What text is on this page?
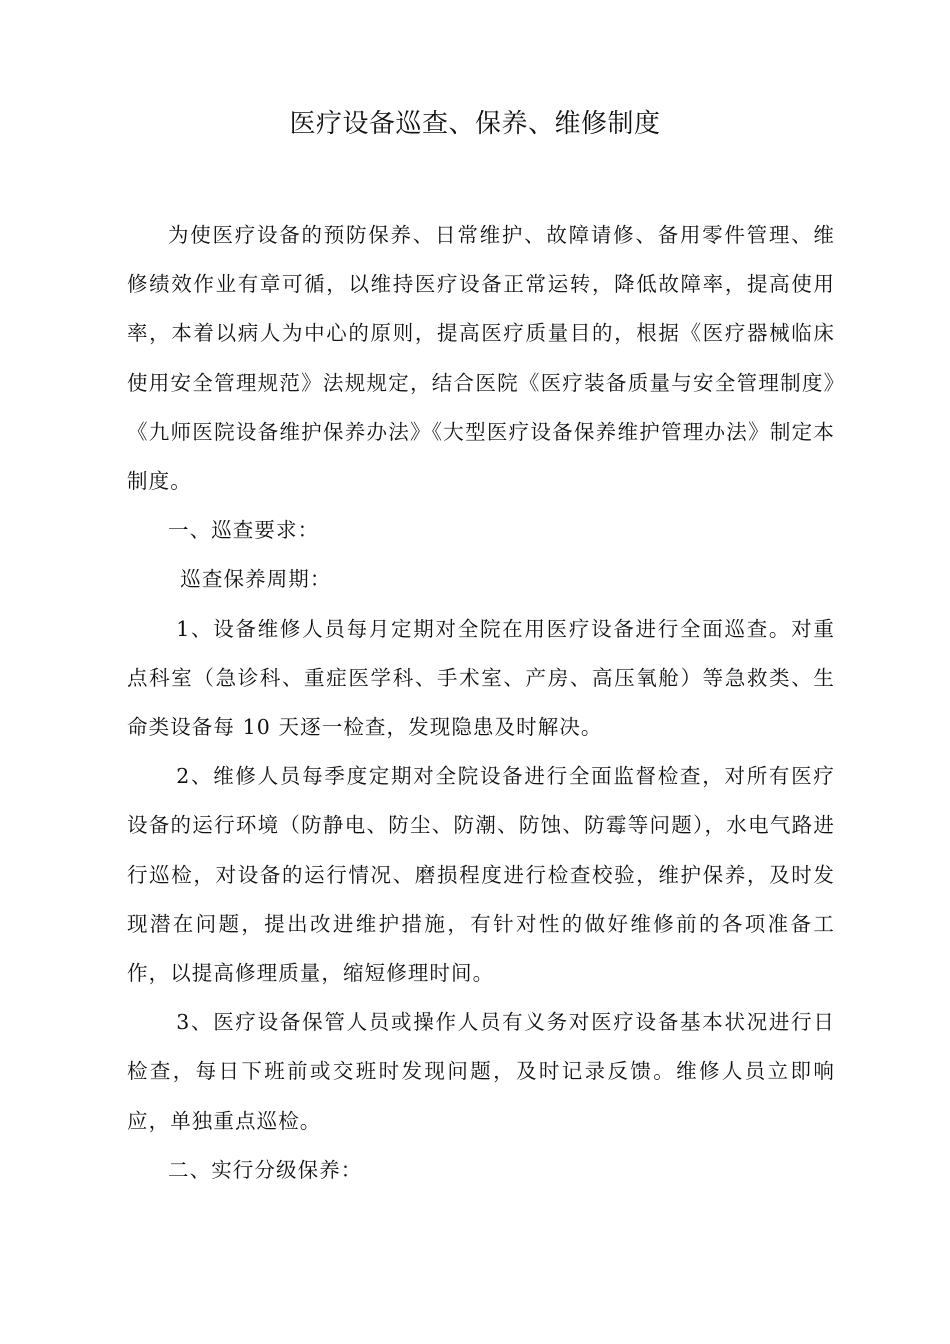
医疗设备巡查、保养、维修制度

为使医疗设备的预防保养、日常维护、故障请修、备用零件管理、维修绩效作业有章可循，以维持医疗设备正常运转，降低故障率，提高使用率，本着以病人为中心的原则，提高医疗质量目的，根据《医疗器械临床使用安全管理规范》法规规定，结合医院《医疗装备质量与安全管理制度》《九师医院设备维护保养办法》《大型医疗设备保养维护管理办法》制定本制度。

一、巡查要求：

巡查保养周期：

1、设备维修人员每月定期对全院在用医疗设备进行全面巡查。对重点科室（急诊科、重症医学科、手术室、产房、高压氧舱）等急救类、生命类设备每 10 天逐一检查，发现隐患及时解决。

2、维修人员每季度定期对全院设备进行全面监督检查，对所有医疗设备的运行环境（防静电、防尘、防潮、防蚀、防霉等问题），水电气路进行巡检，对设备的运行情况、磨损程度进行检查校验，维护保养，及时发现潜在问题，提出改进维护措施，有针对性的做好维修前的各项准备工作，以提高修理质量，缩短修理时间。

3、医疗设备保管人员或操作人员有义务对医疗设备基本状况进行日检查，每日下班前或交班时发现问题，及时记录反馈。维修人员立即响应，单独重点巡检。

二、实行分级保养：
